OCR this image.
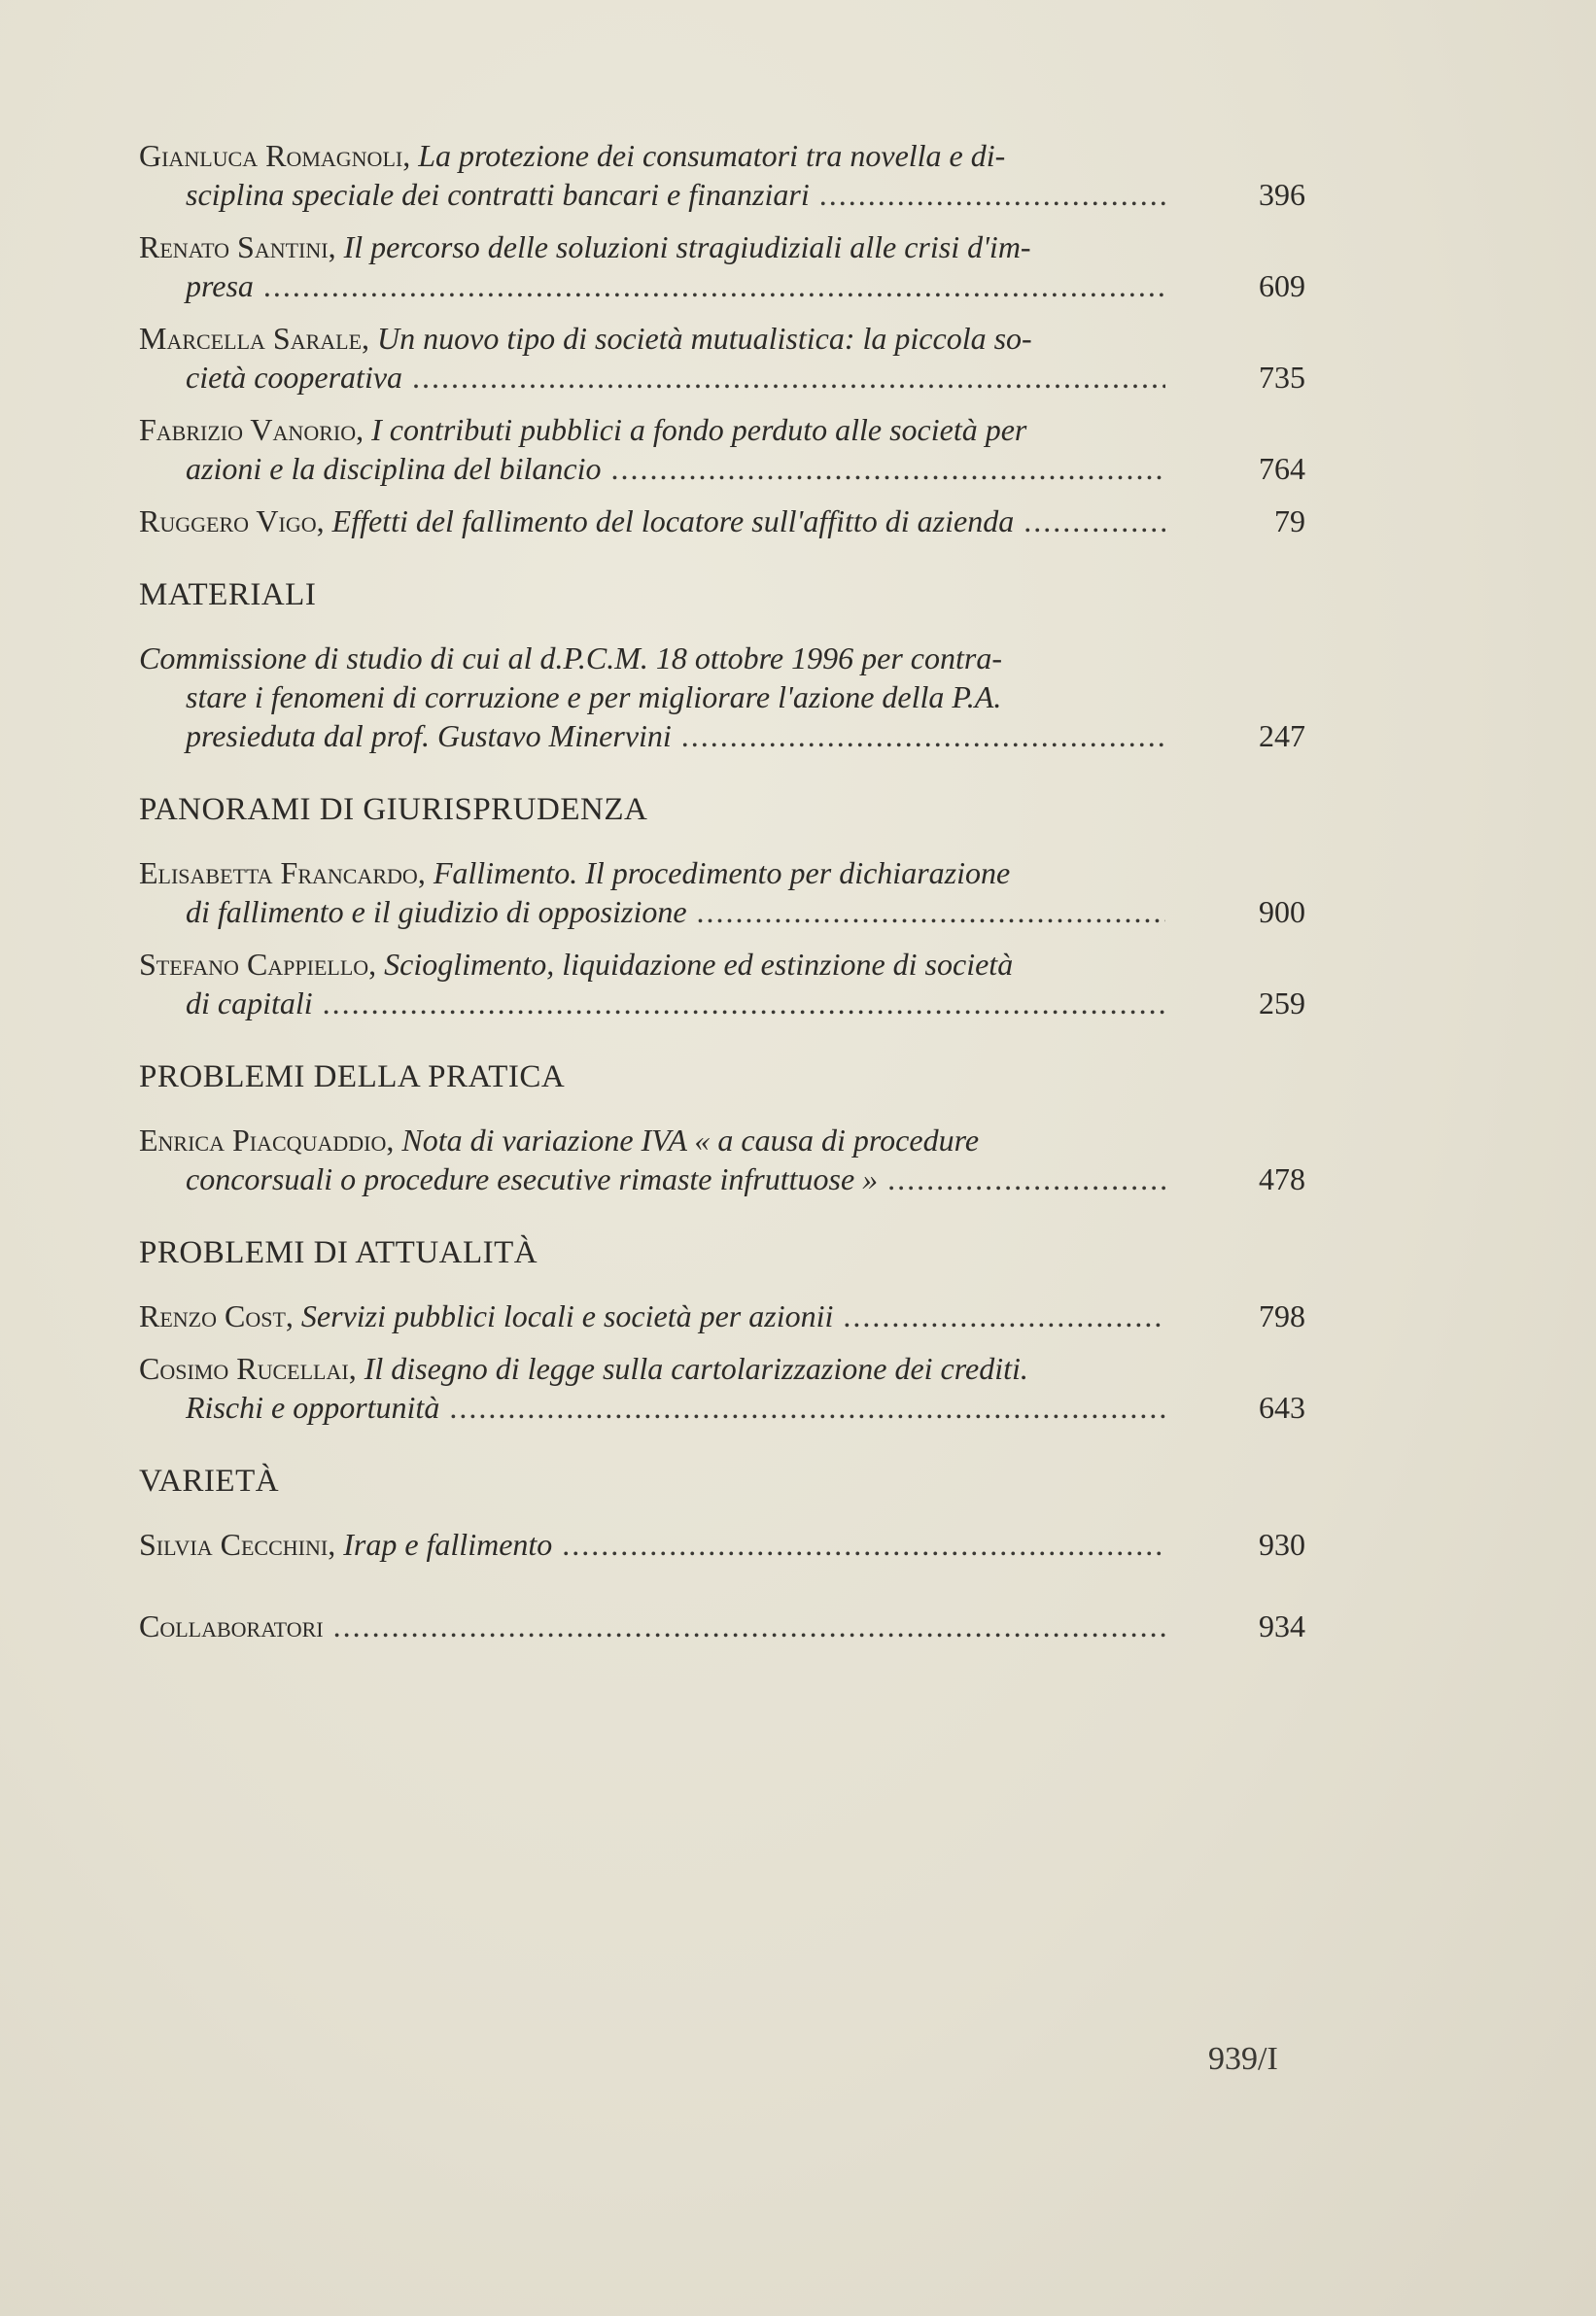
Gianluca Romagnoli, La protezione dei consumatori tra novella e di-
sciplina speciale dei contratti bancari e finanziari .....	396
Renato Santini, Il percorso delle soluzioni stragiudiziali alle crisi d'im-
presa .....	609
Marcella Sarale, Un nuovo tipo di società mutualistica: la piccola so-
cietà cooperativa .....	735
Fabrizio Vanorio, I contributi pubblici a fondo perduto alle società per
azioni e la disciplina del bilancio .....	764
Ruggero Vigo, Effetti del fallimento del locatore sull'affitto di azienda .....	79
MATERIALI
Commissione di studio di cui al d.P.C.M. 18 ottobre 1996 per contra-
stare i fenomeni di corruzione e per migliorare l'azione della P.A.
presieduta dal prof. Gustavo Minervini .....	247
PANORAMI DI GIURISPRUDENZA
Elisabetta Francardo, Fallimento. Il procedimento per dichiarazione
di fallimento e il giudizio di opposizione .....	900
Stefano Cappiello, Scioglimento, liquidazione ed estinzione di società
di capitali .....	259
PROBLEMI DELLA PRATICA
Enrica Piacquaddio, Nota di variazione IVA « a causa di procedure
concorsuali o procedure esecutive rimaste infruttuose » .....	478
PROBLEMI DI ATTUALITÀ
Renzo Cost, Servizi pubblici locali e società per azionii .....	798
Cosimo Rucellai, Il disegno di legge sulla cartolarizzazione dei crediti.
Rischi e opportunità .....	643
VARIETÀ
Silvia Cecchini, Irap e fallimento .....	930
Collaboratori .....	934
939/I
